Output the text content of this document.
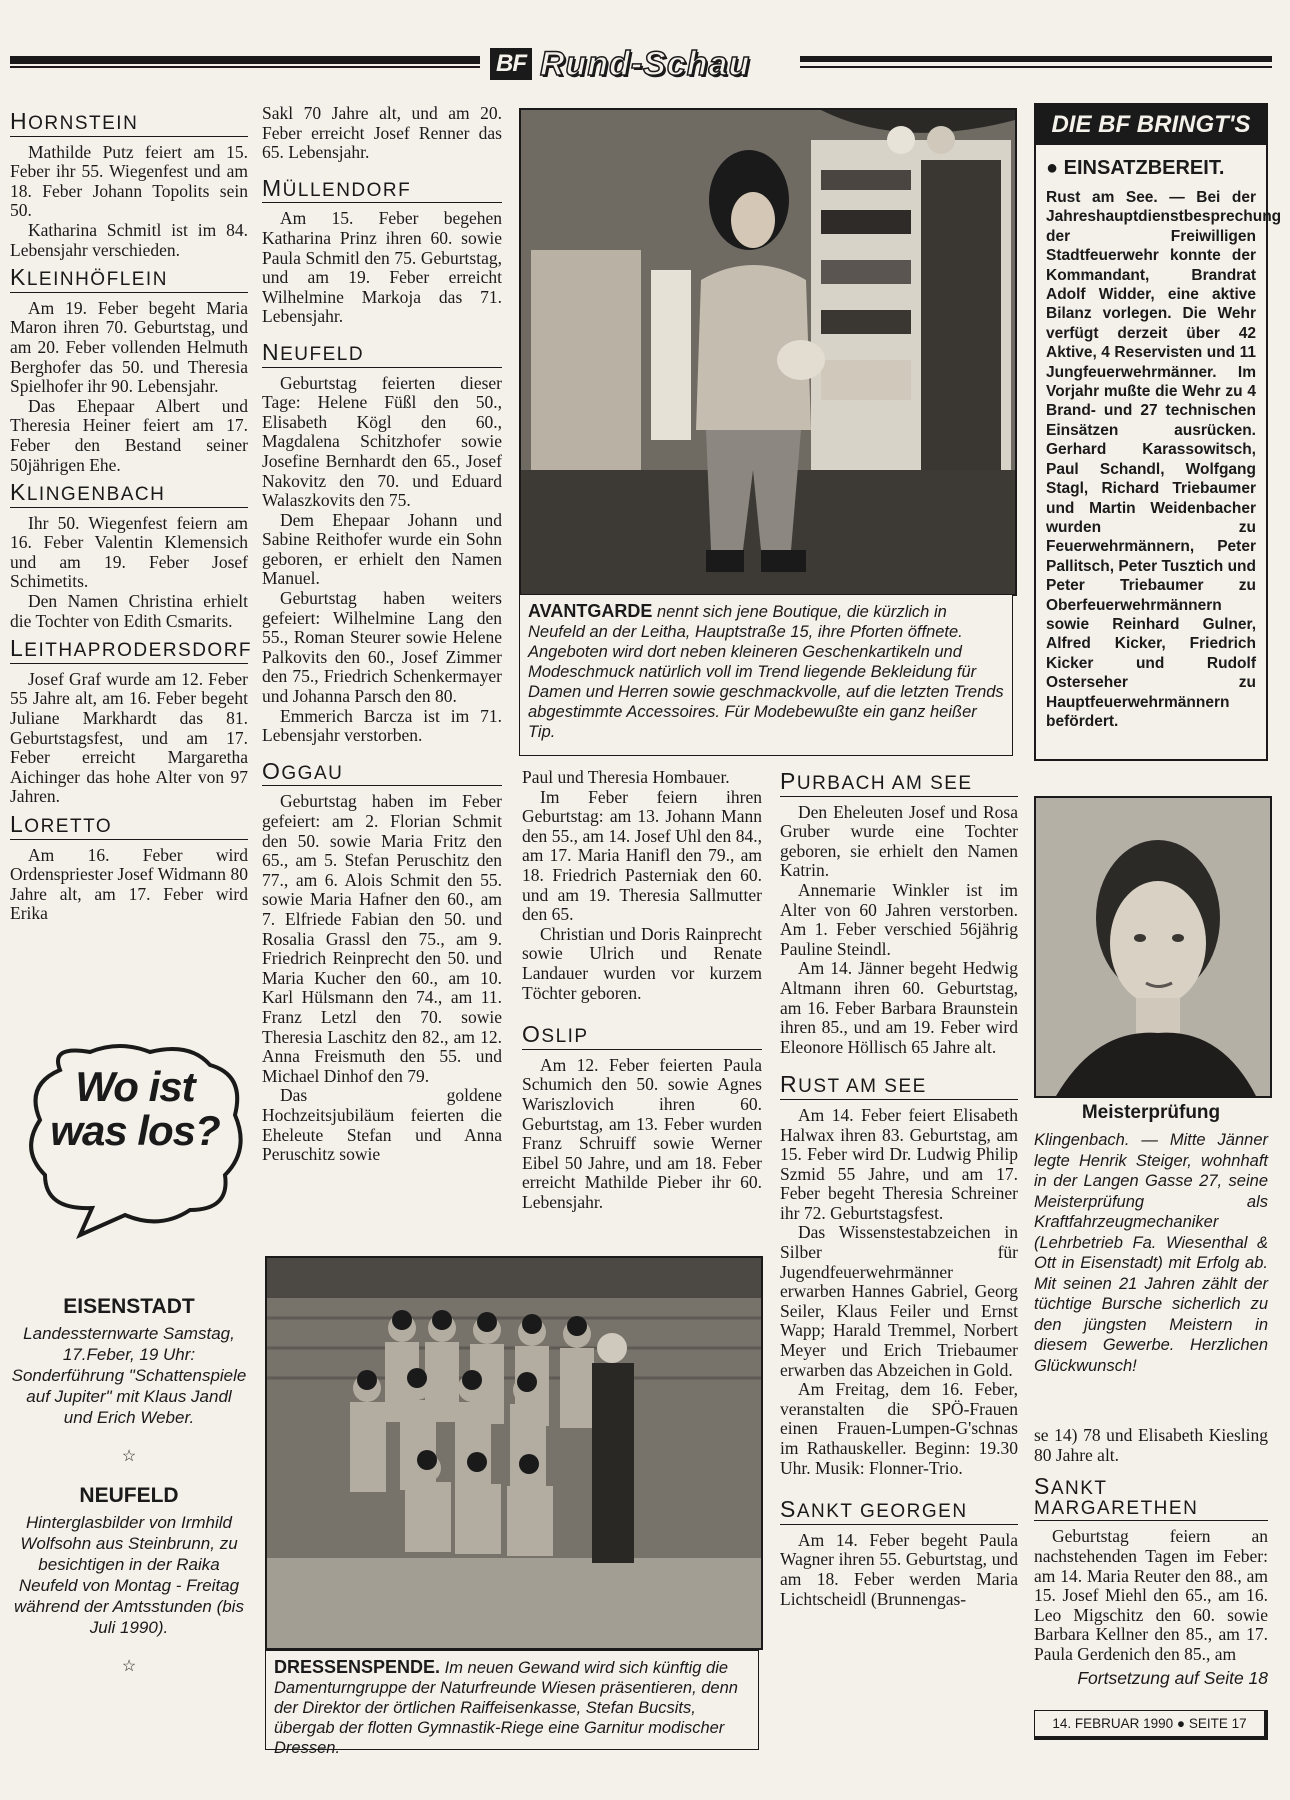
BF Rund-Schau
HORNSTEIN

Mathilde Putz feiert am 15. Feber ihr 55. Wiegenfest und am 18. Feber Johann Topolits sein 50.

Katharina Schmitl ist im 84. Lebensjahr verschieden.

KLEINHÖFLEIN

Am 19. Feber begeht Maria Maron ihren 70. Geburtstag, und am 20. Feber vollenden Helmuth Berghofer das 50. und Theresia Spielhofer ihr 90. Lebensjahr.

Das Ehepaar Albert und Theresia Heiner feiert am 17. Feber den Bestand seiner 50jährigen Ehe.

KLINGENBACH

Ihr 50. Wiegenfest feiern am 16. Feber Valentin Klemensich und am 19. Feber Josef Schimetits.

Den Namen Christina erhielt die Tochter von Edith Csmarits.

LEITHAPRODERSDORF

Josef Graf wurde am 12. Feber 55 Jahre alt, am 16. Feber begeht Juliane Markhardt das 81. Geburtstagsfest, und am 17. Feber erreicht Margaretha Aichinger das hohe Alter von 97 Jahren.

LORETTO

Am 16. Feber wird Ordenspriester Josef Widmann 80 Jahre alt, am 17. Feber wird Erika

Wo ist was los?
EISENSTADT
Landessternwarte Samstag, 17.Feber, 19 Uhr: Sonderführung "Schattenspiele auf Jupiter" mit Klaus Jandl und Erich Weber.
☆
NEUFELD
Hinterglasbilder von Irmhild Wolfsohn aus Steinbrunn, zu besichtigen in der Raika Neufeld von Montag - Freitag während der Amtsstunden (bis Juli 1990).
☆

Sakl 70 Jahre alt, und am 20. Feber erreicht Josef Renner das 65. Lebensjahr.

MÜLLENDORF

Am 15. Feber begehen Katharina Prinz ihren 60. sowie Paula Schmitl den 75. Geburtstag, und am 19. Feber erreicht Wilhelmine Markoja das 71. Lebensjahr.

NEUFELD

Geburtstag feierten dieser Tage: Helene Füßl den 50., Elisabeth Kögl den 60., Magdalena Schitzhofer sowie Josefine Bernhardt den 65., Josef Nakovitz den 70. und Eduard Walaszkovits den 75.

Dem Ehepaar Johann und Sabine Reithofer wurde ein Sohn geboren, er erhielt den Namen Manuel.

Geburtstag haben weiters gefeiert: Wilhelmine Lang den 55., Roman Steurer sowie Helene Palkovits den 60., Josef Zimmer den 75., Friedrich Schenkermayer und Johanna Parsch den 80.

Emmerich Barcza ist im 71. Lebensjahr verstorben.

OGGAU

Geburtstag haben im Feber gefeiert: am 2. Florian Schmit den 50. sowie Maria Fritz den 65., am 5. Stefan Peruschitz den 77., am 6. Alois Schmit den 55. sowie Maria Hafner den 60., am 7. Elfriede Fabian den 50. und Rosalia Grassl den 75., am 9. Friedrich Reinprecht den 50. und Maria Kucher den 60., am 10. Karl Hülsmann den 74., am 11. Franz Letzl den 70. sowie Theresia Laschitz den 82., am 12. Anna Freismuth den 55. und Michael Dinhof den 79.

Das goldene Hochzeitsjubiläum feierten die Eheleute Stefan und Anna Peruschitz sowie

AVANTGARDE nennt sich jene Boutique, die kürzlich in Neufeld an der Leitha, Hauptstraße 15, ihre Pforten öffnete. Angeboten wird dort neben kleineren Geschenkartikeln und Modeschmuck natürlich voll im Trend liegende Bekleidung für Damen und Herren sowie geschmackvolle, auf die letzten Trends abgestimmte Accessoires. Für Modebewußte ein ganz heißer Tip.

Paul und Theresia Hombauer.

Im Feber feiern ihren Geburtstag: am 13. Johann Mann den 55., am 14. Josef Uhl den 84., am 17. Maria Hanifl den 79., am 18. Friedrich Pasterniak den 60. und am 19. Theresia Sallmutter den 65.

Christian und Doris Rainprecht sowie Ulrich und Renate Landauer wurden vor kurzem Töchter geboren.

OSLIP

Am 12. Feber feierten Paula Schumich den 50. sowie Agnes Wariszlovich ihren 60. Geburtstag, am 13. Feber wurden Franz Schruiff sowie Werner Eibel 50 Jahre, und am 18. Feber erreicht Mathilde Pieber ihr 60. Lebensjahr.

PURBACH AM SEE

Den Eheleuten Josef und Rosa Gruber wurde eine Tochter geboren, sie erhielt den Namen Katrin.

Annemarie Winkler ist im Alter von 60 Jahren verstorben. Am 1. Feber verschied 56jährig Pauline Steindl.

Am 14. Jänner begeht Hedwig Altmann ihren 60. Geburtstag, am 16. Feber Barbara Braunstein ihren 85., und am 19. Feber wird Eleonore Höllisch 65 Jahre alt.

RUST AM SEE

Am 14. Feber feiert Elisabeth Halwax ihren 83. Geburtstag, am 15. Feber wird Dr. Ludwig Philip Szmid 55 Jahre, und am 17. Feber begeht Theresia Schreiner ihr 72. Geburtstagsfest.

Das Wissenstestabzeichen in Silber für Jugendfeuerwehrmänner erwarben Hannes Gabriel, Georg Seiler, Klaus Feiler und Ernst Wapp; Harald Tremmel, Norbert Meyer und Erich Triebaumer erwarben das Abzeichen in Gold.

Am Freitag, dem 16. Feber, veranstalten die SPÖ-Frauen einen Frauen-Lumpen-G'schnas im Rathauskeller. Beginn: 19.30 Uhr. Musik: Flonner-Trio.

SANKT GEORGEN

Am 14. Feber begeht Paula Wagner ihren 55. Geburtstag, und am 18. Feber werden Maria Lichtscheidl (Brunnengas-

DRESSENSPENDE. Im neuen Gewand wird sich künftig die Damenturngruppe der Naturfreunde Wiesen präsentieren, denn der Direktor der örtlichen Raiffeisenkasse, Stefan Bucsits, übergab der flotten Gymnastik-Riege eine Garnitur modischer Dressen.
DIE BF BRINGT'S
● EINSATZBEREIT.
Rust am See. — Bei der Jahreshauptdienstbesprechung der Freiwilligen Stadtfeuerwehr konnte der Kommandant, Brandrat Adolf Widder, eine aktive Bilanz vorlegen. Die Wehr verfügt derzeit über 42 Aktive, 4 Reservisten und 11 Jungfeuerwehrmänner. Im Vorjahr mußte die Wehr zu 4 Brand- und 27 technischen Einsätzen ausrücken. Gerhard Karassowitsch, Paul Schandl, Wolfgang Stagl, Richard Triebaumer und Martin Weidenbacher wurden zu Feuerwehrmännern, Peter Pallitsch, Peter Tusztich und Peter Triebaumer zu Oberfeuerwehrmännern sowie Reinhard Gulner, Alfred Kicker, Friedrich Kicker und Rudolf Osterseher zu Hauptfeuerwehrmännern befördert.
Meisterprüfung
Klingenbach. — Mitte Jänner legte Henrik Steiger, wohnhaft in der Langen Gasse 27, seine Meisterprüfung als Kraftfahrzeugmechaniker (Lehrbetrieb Fa. Wiesenthal & Ott in Eisenstadt) mit Erfolg ab. Mit seinen 21 Jahren zählt der tüchtige Bursche sicherlich zu den jüngsten Meistern in diesem Gewerbe. Herzlichen Glückwunsch!

se 14) 78 und Elisabeth Kiesling 80 Jahre alt.

SANKT MARGARETHEN

Geburtstag feiern an nachstehenden Tagen im Feber: am 14. Maria Reuter den 88., am 15. Josef Miehl den 65., am 16. Leo Migschitz den 60. sowie Barbara Kellner den 85., am 17. Paula Gerdenich den 85., am

Fortsetzung auf Seite 18
14. FEBRUAR 1990 ● SEITE 17
